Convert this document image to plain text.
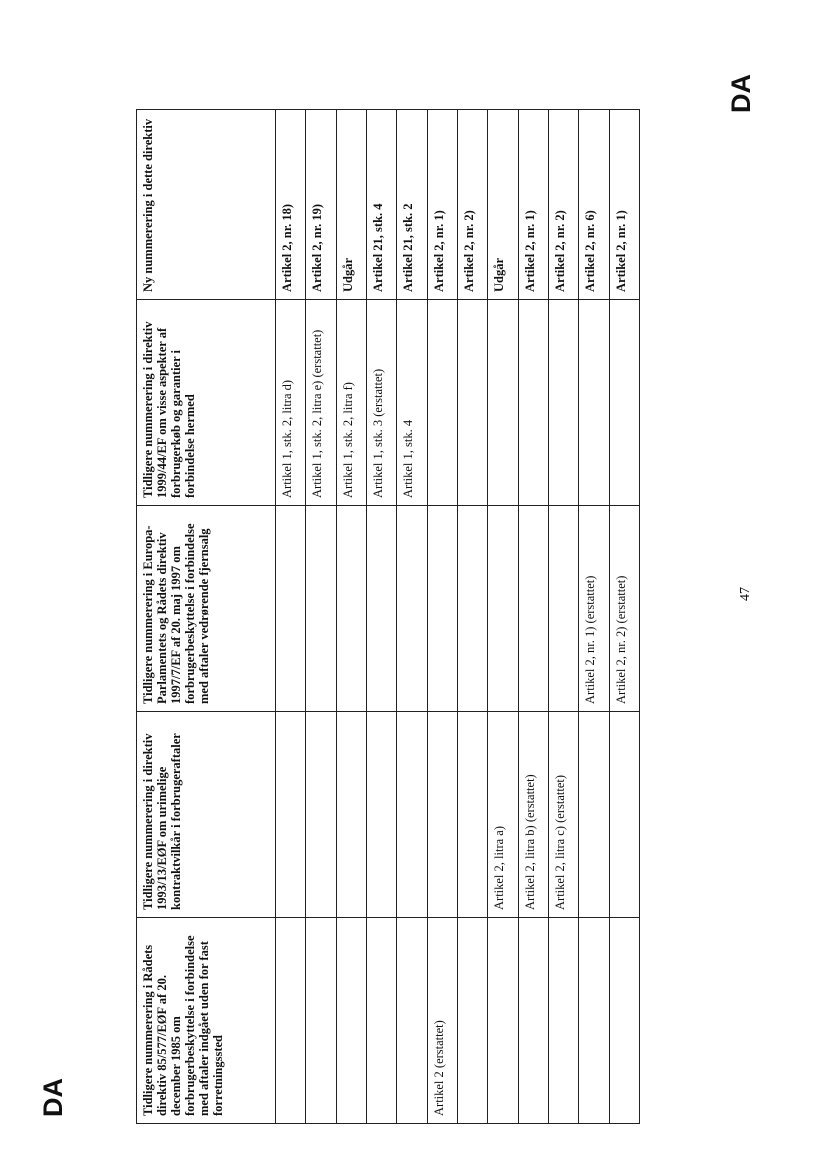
DA
47
DA	Tidligere nummerering i Rådets direktiv 85/577/EØF af 20. december 1985 om forbrugerbeskyttelse i forbindelse med aftaler indgået uden for fast forretningssted	Tidligere nummerering i direktiv 1993/13/EØF om urimelige kontraktvilkår i forbrugeraftaler	Tidligere nummerering i Europa-Parlamentets og Rådets direktiv 1997/7/EF af 20. maj 1997 om forbrugerbeskyttelse i forbindelse med aftaler vedrørende fjernsalg	Tidligere nummerering i direktiv 1999/44/EF om visse aspekter af forbrugerkøb og garantier i forbindelse hermed	Ny nummerering i dette direktiv
			Artikel 1, stk. 2, litra d)	Artikel 2, nr. 18)
			Artikel 1, stk. 2, litra e) (erstattet)	Artikel 2, nr. 19)
			Artikel 1, stk. 2, litra f)	Udgår
			Artikel 1, stk. 3 (erstattet)	Artikel 21, stk. 4
			Artikel 1, stk. 4	Artikel 21, stk. 2
Artikel 2 (erstattet)				Artikel 2, nr. 1)
				Artikel 2, nr. 2)
	Artikel 2, litra a)			Udgår
	Artikel 2, litra b) (erstattet)			Artikel 2, nr. 1)
	Artikel 2, litra c) (erstattet)			Artikel 2, nr. 2)
		Artikel 2, nr. 1) (erstattet)		Artikel 2, nr. 6)
		Artikel 2, nr. 2) (erstattet)		Artikel 2, nr. 1)
